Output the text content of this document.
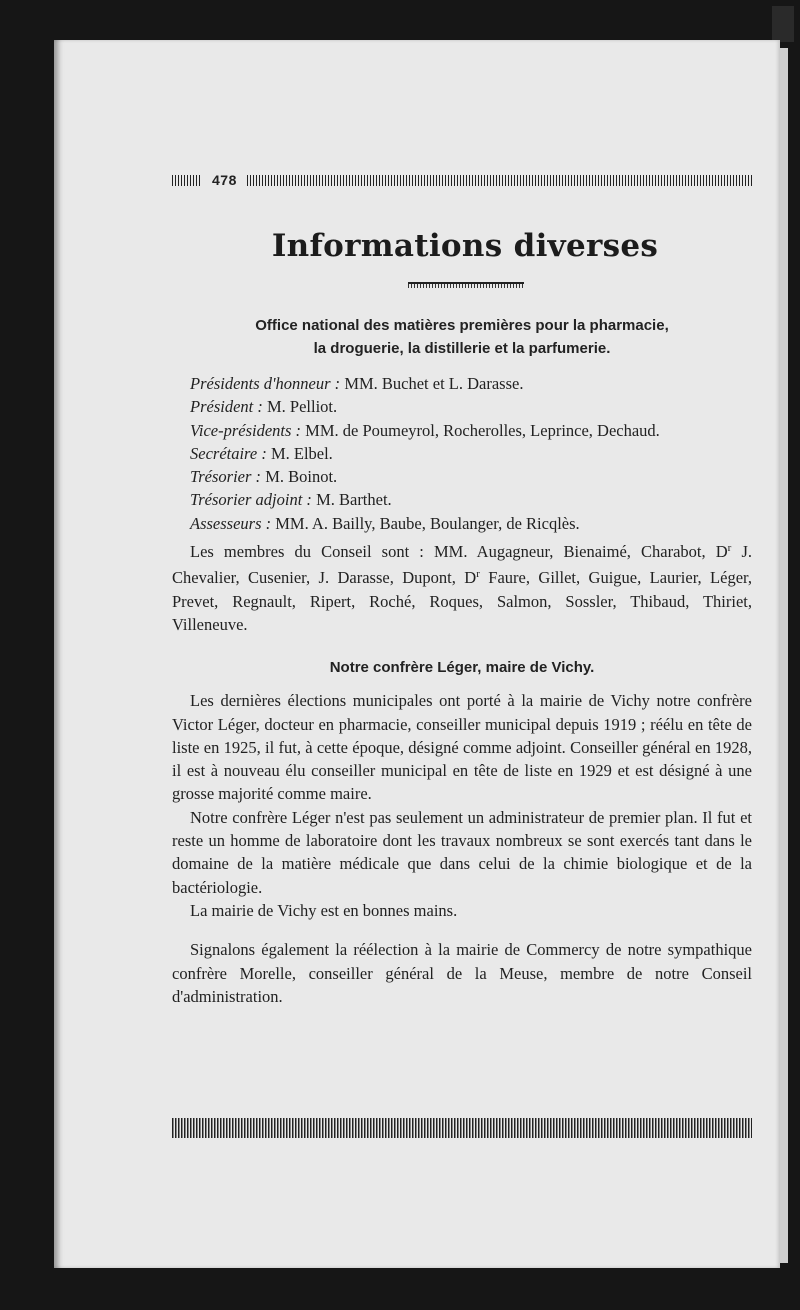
478
Informations diverses

Office national des matières premières pour la pharmacie,

la droguerie, la distillerie et la parfumerie.

Présidents d'honneur : MM. Buchet et L. Darasse.
Président : M. Pelliot.
Vice-présidents : MM. de Poumeyrol, Rocherolles, Leprince, Dechaud.
Secrétaire : M. Elbel.
Trésorier : M. Boinot.
Trésorier adjoint : M. Barthet.
Assesseurs : MM. A. Bailly, Baube, Boulanger, de Ricqlès.

Les membres du Conseil sont : MM. Augagneur, Bienaimé, Charabot, $D^r$ J. Chevalier, Cusenier, J. Darasse, Dupont, $D^r$ Faure, Gillet, Guigue, Laurier, Léger, Prevet, Regnault, Ripert, Roché, Roques, Salmon, Sossler, Thibaud, Thiriet, Villeneuve.

Notre confrère Léger, maire de Vichy.

Les dernières élections municipales ont porté à la mairie de Vichy notre confrère Victor Léger, docteur en pharmacie, conseiller municipal depuis 1919 ; réélu en tête de liste en 1925, il fut, à cette époque, désigné comme adjoint. Conseiller général en 1928, il est à nouveau élu conseiller municipal en tête de liste en 1929 et est désigné à une grosse majorité comme maire.

Notre confrère Léger n'est pas seulement un administrateur de premier plan. Il fut et reste un homme de laboratoire dont les travaux nombreux se sont exercés tant dans le domaine de la matière médicale que dans celui de la chimie biologique et de la bactériologie.

La mairie de Vichy est en bonnes mains.

Signalons également la réélection à la mairie de Commercy de notre sympathique confrère Morelle, conseiller général de la Meuse, membre de notre Conseil d'administration.
